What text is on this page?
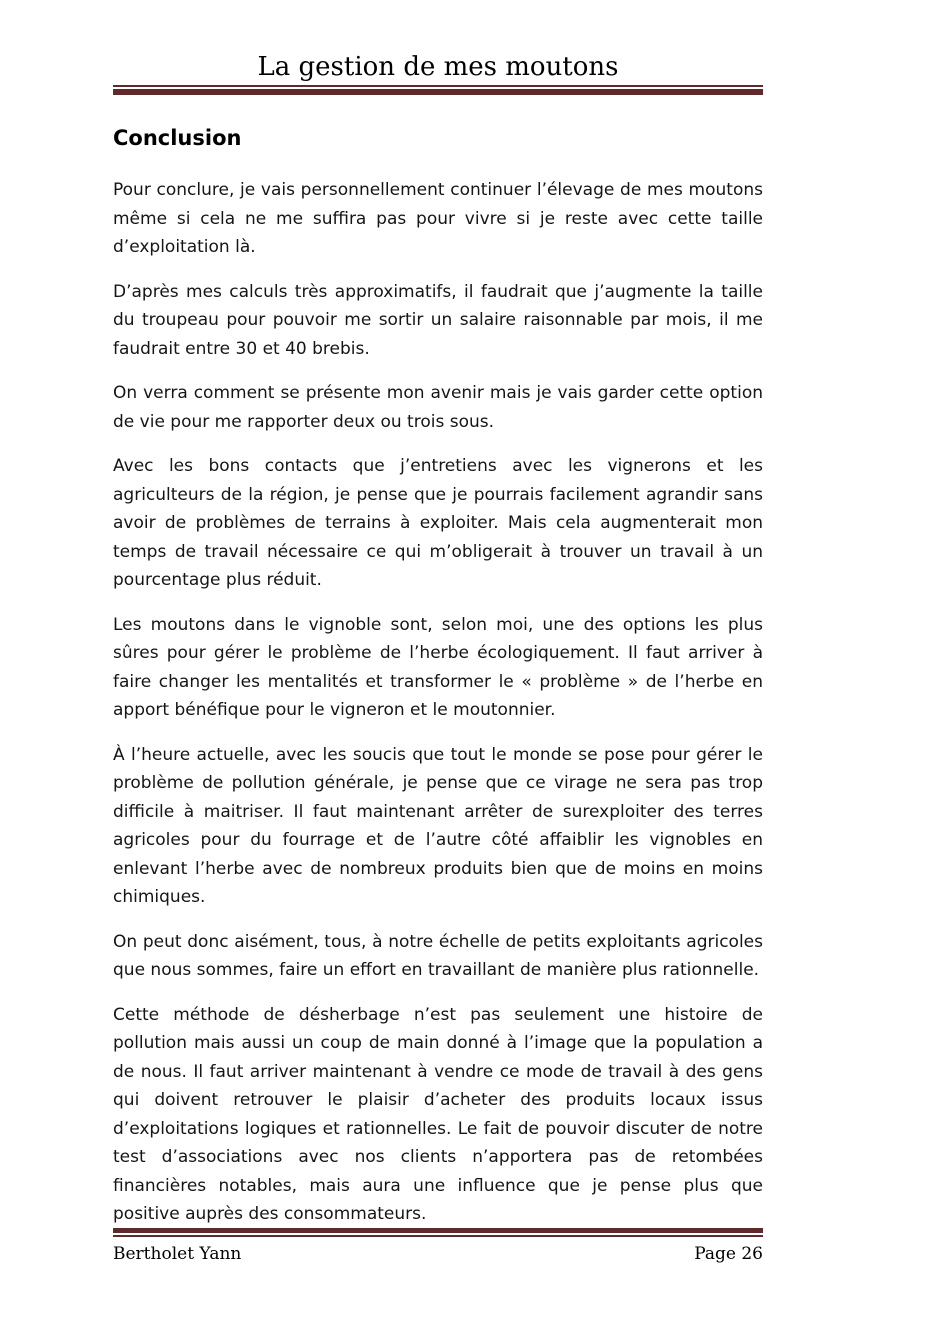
La gestion de mes moutons
Conclusion

Pour conclure, je vais personnellement continuer l’élevage de mes moutons même si cela ne me suffira pas pour vivre si je reste avec cette taille d’exploitation là.

D’après mes calculs très approximatifs, il faudrait que j’augmente la taille du troupeau pour pouvoir me sortir un salaire raisonnable par mois, il me faudrait entre 30 et 40 brebis.

On verra comment se présente mon avenir mais je vais garder cette option de vie pour me rapporter deux ou trois sous.

Avec les bons contacts que j’entretiens avec les vignerons et les agriculteurs de la région, je pense que je pourrais facilement agrandir sans avoir de problèmes de terrains à exploiter. Mais cela augmenterait mon temps de travail nécessaire ce qui m’obligerait à trouver un travail à un pourcentage plus réduit.

Les moutons dans le vignoble sont, selon moi, une des options les plus sûres pour gérer le problème de l’herbe écologiquement. Il faut arriver à faire changer les mentalités et transformer le « problème » de l’herbe en apport bénéfique pour le vigneron et le moutonnier.

À l’heure actuelle, avec les soucis que tout le monde se pose pour gérer le problème de pollution générale, je pense que ce virage ne sera pas trop difficile à maitriser. Il faut maintenant arrêter de surexploiter des terres agricoles pour du fourrage et de l’autre côté affaiblir les vignobles en enlevant l’herbe avec de nombreux produits bien que de moins en moins chimiques.

On peut donc aisément, tous, à notre échelle de petits exploitants agricoles que nous sommes, faire un effort en travaillant de manière plus rationnelle.

Cette méthode de désherbage n’est pas seulement une histoire de pollution mais aussi un coup de main donné à l’image que la population a de nous. Il faut arriver maintenant à vendre ce mode de travail à des gens qui doivent retrouver le plaisir d’acheter des produits locaux issus d’exploitations logiques et rationnelles. Le fait de pouvoir discuter de notre test d’associations avec nos clients n’apportera pas de retombées financières notables, mais aura une influence que je pense plus que positive auprès des consommateurs.

Bertholet Yann	Page 26
